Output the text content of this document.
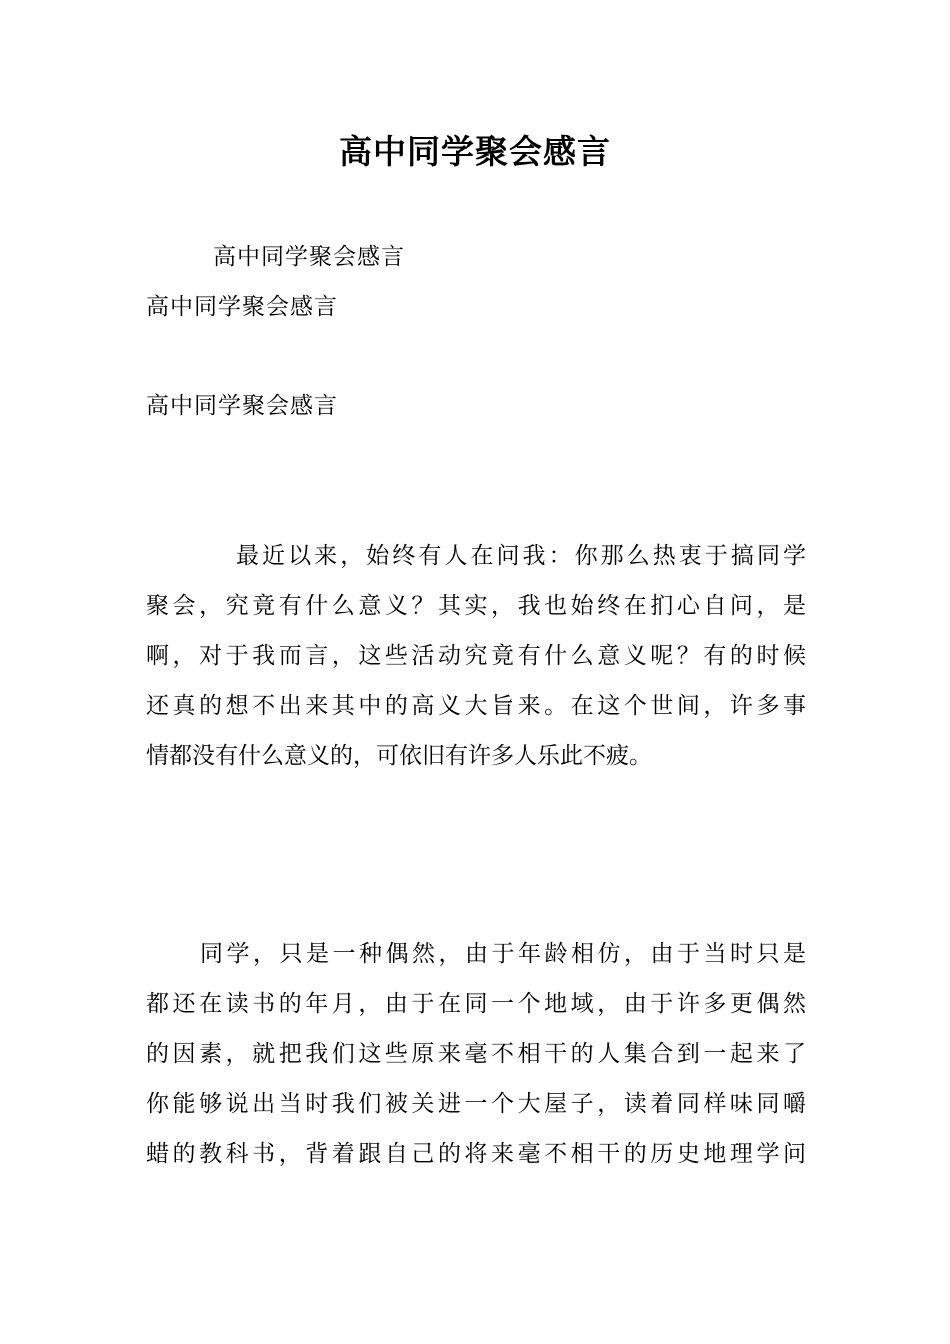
高中同学聚会感言
高中同学聚会感言
高中同学聚会感言
高中同学聚会感言
最近以来，始终有人在问我：你那么热衷于搞同学
聚会，究竟有什么意义？其实，我也始终在扪心自问，是
啊，对于我而言，这些活动究竟有什么意义呢？有的时候
还真的想不出来其中的高义大旨来。在这个世间，许多事
情都没有什么意义的，可依旧有许多人乐此不疲。
同学，只是一种偶然，由于年龄相仿，由于当时只是
都还在读书的年月，由于在同一个地域，由于许多更偶然
的因素，就把我们这些原来毫不相干的人集合到一起来了
你能够说出当时我们被关进一个大屋子，读着同样味同嚼
蜡的教科书，背着跟自己的将来毫不相干的历史地理学问
